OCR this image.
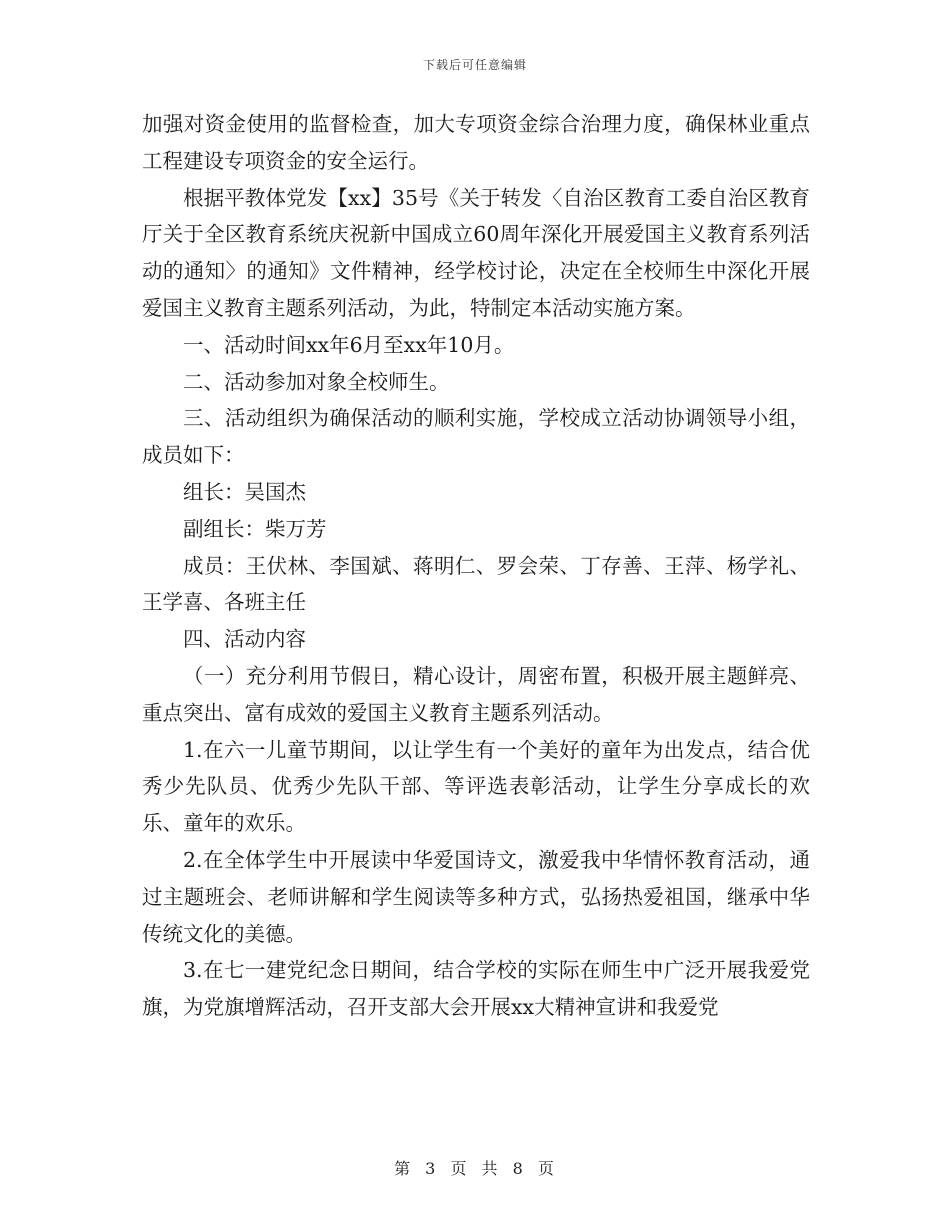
下载后可任意编辑

加强对资金使用的监督检查，加大专项资金综合治理力度，确保林业重点工程建设专项资金的安全运行。

根据平教体党发【xx】35号《关于转发〈自治区教育工委自治区教育厅关于全区教育系统庆祝新中国成立60周年深化开展爱国主义教育系列活动的通知〉的通知》文件精神，经学校讨论，决定在全校师生中深化开展爱国主义教育主题系列活动，为此，特制定本活动实施方案。

一、活动时间xx年6月至xx年10月。

二、活动参加对象全校师生。

三、活动组织为确保活动的顺利实施，学校成立活动协调领导小组，成员如下：

组长：吴国杰

副组长：柴万芳

成员：王伏林、李国斌、蒋明仁、罗会荣、丁存善、王萍、杨学礼、王学喜、各班主任

四、活动内容

（一）充分利用节假日，精心设计，周密布置，积极开展主题鲜亮、重点突出、富有成效的爱国主义教育主题系列活动。

1.在六一儿童节期间，以让学生有一个美好的童年为出发点，结合优秀少先队员、优秀少先队干部、等评选表彰活动，让学生分享成长的欢乐、童年的欢乐。

2.在全体学生中开展读中华爱国诗文，激爱我中华情怀教育活动，通过主题班会、老师讲解和学生阅读等多种方式，弘扬热爱祖国，继承中华传统文化的美德。

3.在七一建党纪念日期间，结合学校的实际在师生中广泛开展我爱党旗，为党旗增辉活动，召开支部大会开展xx大精神宣讲和我爱党

第 3 页 共 8 页
